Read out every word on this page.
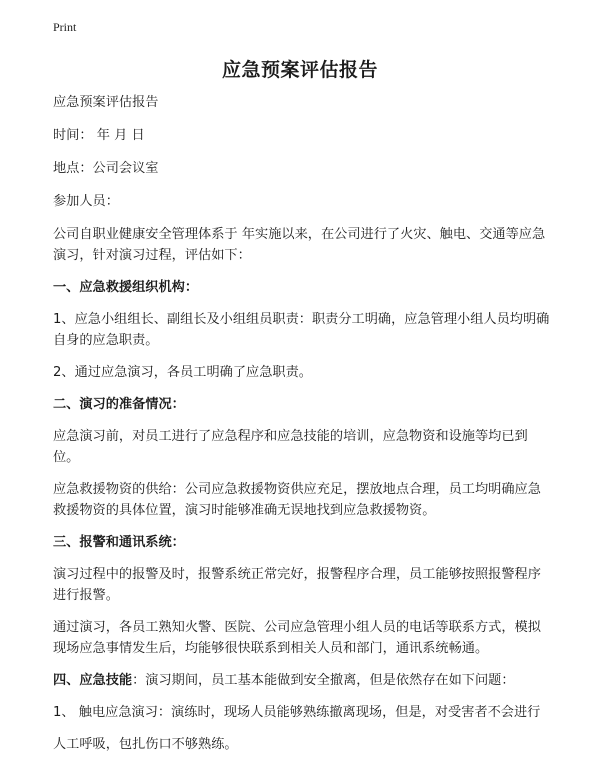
Print
应急预案评估报告

应急预案评估报告

时间： 年 月 日

地点：公司会议室

参加人员：

公司自职业健康安全管理体系于 年实施以来，在公司进行了火灾、触电、交通等应急演习，针对演习过程，评估如下：

一、应急救援组织机构：

1、应急小组组长、副组长及小组组员职责：职责分工明确，应急管理小组人员均明确自身的应急职责。

2、通过应急演习，各员工明确了应急职责。

二、演习的准备情况：

应急演习前，对员工进行了应急程序和应急技能的培训，应急物资和设施等均已到位。

应急救援物资的供给：公司应急救援物资供应充足，摆放地点合理，员工均明确应急救援物资的具体位置，演习时能够准确无误地找到应急救援物资。

三、报警和通讯系统：

演习过程中的报警及时，报警系统正常完好，报警程序合理，员工能够按照报警程序进行报警。

通过演习，各员工熟知火警、医院、公司应急管理小组人员的电话等联系方式，模拟现场应急事情发生后，均能够很快联系到相关人员和部门，通讯系统畅通。

四、应急技能：演习期间，员工基本能做到安全撤离，但是依然存在如下问题：

1、 触电应急演习：演练时，现场人员能够熟练撤离现场，但是，对受害者不会进行

人工呼吸，包扎伤口不够熟练。
